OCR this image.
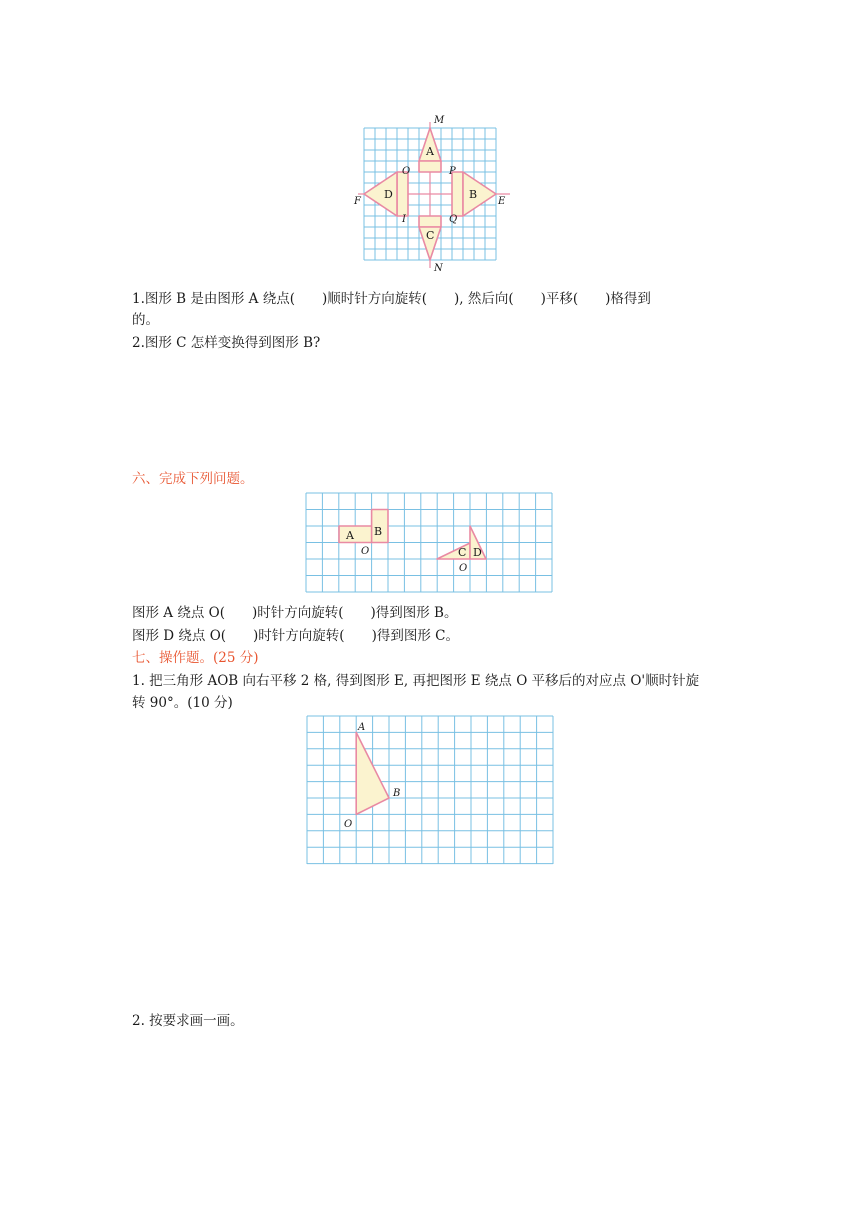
M
N
E
F
O	P
I	Q
A
B
C
D
1.图形 B 是由图形 A 绕点(　　)顺时针方向旋转(　　), 然后向(　　)平移(　　)格得到
的。
2.图形 C 怎样变换得到图形 B?
六、完成下列问题。
A B
O	C D
O
图形 A 绕点 O(　　)时针方向旋转(　　)得到图形 B。
图形 D 绕点 O(　　)时针方向旋转(　　)得到图形 C。
七、操作题。(25 分)
1. 把三角形 AOB 向右平移 2 格, 得到图形 E, 再把图形 E 绕点 O 平移后的对应点 O'顺时针旋
转 90°。(10 分)
A
B
O
2. 按要求画一画。
